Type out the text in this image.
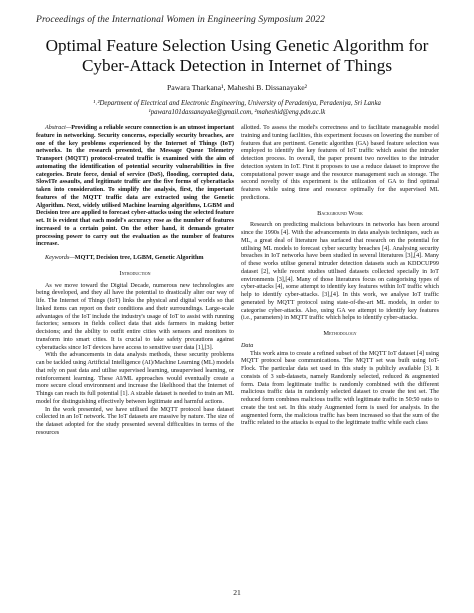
Proceedings of the International Women in Engineering Symposium 2022
Optimal Feature Selection Using Genetic Algorithm for Cyber-Attack Detection in Internet of Things
Pawara Tharkana¹, Maheshi B. Dissanayake²
¹˒²Department of Electrical and Electronic Engineering, University of Peradeniya, Peradeniya, Sri Lanka
¹pawara101dassanayake@gmail.com, ²maheshid@eng.pdn.ac.lk

Abstract—Providing a reliable secure connection is an utmost important feature in networking. Security concerns, especially security breaches, are one of the key problems experienced by the Internet of Things (IoT) networks. In the research presented, the Message Queue Telemetry Transport (MQTT) protocol-created traffic is examined with the aim of automating the identification of potential security vulnerabilities in five categories. Brute force, denial of service (DoS), flooding, corrupted data, SlowITe assaults, and legitimate traffic are the five forms of cyberattacks taken into consideration. To simplify the analysis, first, the important features of the MQTT traffic data are extracted using the Genetic Algorithm. Next, widely utilised Machine learning algorithms, LGBM and Decision tree are applied to forecast cyber-attacks using the selected feature set. It is evident that each model's accuracy rose as the number of features increased to a certain point. On the other hand, it demands greater processing power to carry out the evaluation as the number of features increase.

Keywords—MQTT, Decision tree, LGBM, Genetic Algorithm

Introduction

As we move toward the Digital Decade, numerous new technologies are being developed, and they all have the potential to drastically alter our way of life. The Internet of Things (IoT) links the physical and digital worlds so that linked items can report on their conditions and their surroundings. Large-scale advantages of the IoT include the industry's usage of IoT to assist with running factories; sensors in fields collect data that aids farmers in making better decisions; and the ability to outfit entire cities with sensors and monitors to transform into smart cities. It is crucial to take safety precautions against cyberattacks since IoT devices have access to sensitive user data [1],[3].

With the advancements in data analysis methods, these security problems can be tackled using Artificial Intelligence (AI)/Machine Learning (ML) models that rely on past data and utilise supervised learning, unsupervised learning, or reinforcement learning. These AI/ML approaches would eventually create a more secure cloud environment and increase the likelihood that the Internet of Things can reach its full potential [1]. A sizable dataset is needed to train an ML model for distinguishing effectively between legitimate and harmful actions.

In the work presented, we have utilised the MQTT protocol base dataset collected in an IoT network. The IoT datasets are massive by nature. The size of the dataset adopted for the study presented several difficulties in terms of the resources

allotted. To assess the model's correctness and to facilitate manageable model training and tuning facilities, this experiment focuses on lowering the number of features that are pertinent. Genetic algorithm (GA) based feature selection was employed to identify the key features of IoT traffic which assist the intruder detection process. In overall, the paper present two novelties to the intruder detection system in IoT. First it proposes to use a reduce dataset to improve the computational power usage and the resource management such as storage. The second novelty of this experiment is the utilization of GA to find optimal features while using time and resource optimally for the supervised ML predictions.

Background Work

Research on predicting malicious behaviours in networks has been around since the 1990s [4]. With the advancements in data analysis techniques, such as ML, a great deal of literature has surfaced that research on the potential for utilising ML models to forecast cyber security breaches [4]. Analysing security breaches in IoT networks have been studied in several literatures [3],[4]. Many of these works utilise general intruder detection datasets such as KDDCUP99 dataset [2], while recent studies utilised datasets collected specially in IoT environments [3],[4]. Many of those literatures focus on categorising types of cyber-attacks [4], some attempt to identify key features within IoT traffic which help to identify cyber-attacks. [3],[4]. In this work, we analyse IoT traffic generated by MQTT protocol using state-of-the-art ML models, in order to categorise cyber-attacks. Also, using GA we attempt to identify key features (i.e., parameters) in MQTT traffic which helps to identify cyber-attacks.

Methodology

Data

This work aims to create a refined subset of the MQTT IoT dataset [4] using MQTT protocol base communications. The MQTT set was built using IoT-Flock. The particular data set used in this study is publicly available [3]. It consists of 3 sub-datasets, namely Randomly selected, reduced & augmented form. Data from legitimate traffic is randomly combined with the different malicious traffic data in randomly selected dataset to create the test set. The reduced form combines malicious traffic with legitimate traffic in 50:50 ratio to create the test set. In this study Augmented form is used for analysis. In the augmented form, the malicious traffic has been increased so that the sum of the traffic related to the attacks is equal to the legitimate traffic while each class

21
